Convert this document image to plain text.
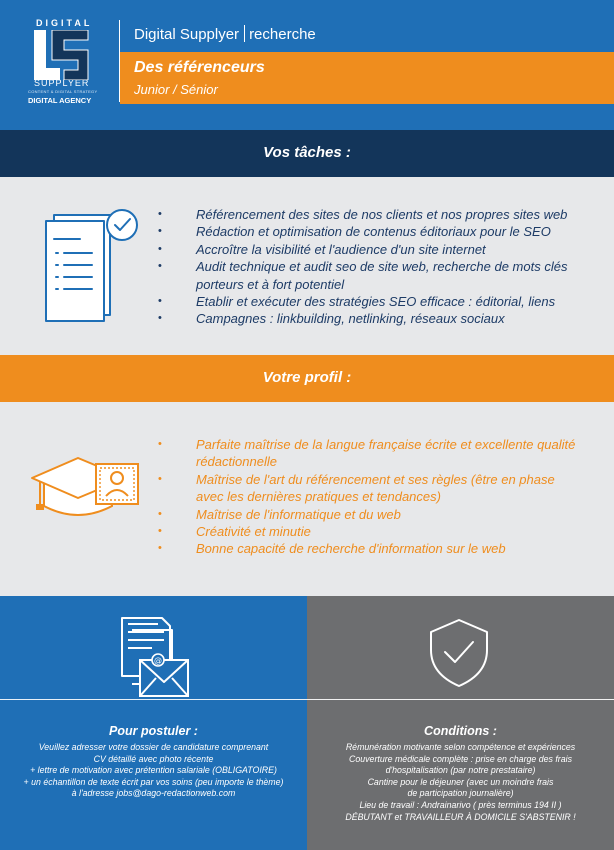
DIGITAL
SUPPLYER
CONTENT & DIGITAL STRATEGY
DIGITAL AGENCY
Digital Supplyer recherche
Des référenceurs
Junior / Sénior
Vos tâches :
• Référencement des sites de nos clients et nos propres sites web
• Rédaction et optimisation de contenus éditoriaux pour le SEO
• Accroître la visibilité et l'audience d'un site internet
• Audit technique et audit seo de site web, recherche de mots clés porteurs et à fort potentiel
• Etablir et exécuter des stratégies SEO efficace : éditorial, liens
• Campagnes : linkbuilding, netlinking, réseaux sociaux
Votre profil :
• Parfaite maîtrise de la langue française écrite et excellente qualité rédactionnelle
• Maîtrise de l'art du référencement et ses règles (être en phase avec les dernières pratiques et tendances)
• Maîtrise de l'informatique et du web
• Créativité et minutie
• Bonne capacité de recherche d'information sur le web
@
Pour postuler :
Veuillez adresser votre dossier de candidature comprenant
CV détaillé avec photo récente
+ lettre de motivation avec prétention salariale (OBLIGATOIRE)
+ un échantillon de texte écrit par vos soins (peu importe le thème)
à l'adresse jobs@dago-redactionweb.com
Conditions :
Rémunération motivante selon compétence et expériences
Couverture médicale complète : prise en charge des frais
d'hospitalisation (par notre prestataire)
Cantine pour le déjeuner (avec un moindre frais
de participation journalière)
Lieu de travail : Andrainarivo ( près terminus 194 II )
DÉBUTANT et TRAVAILLEUR À DOMICILE S'ABSTENIR !
